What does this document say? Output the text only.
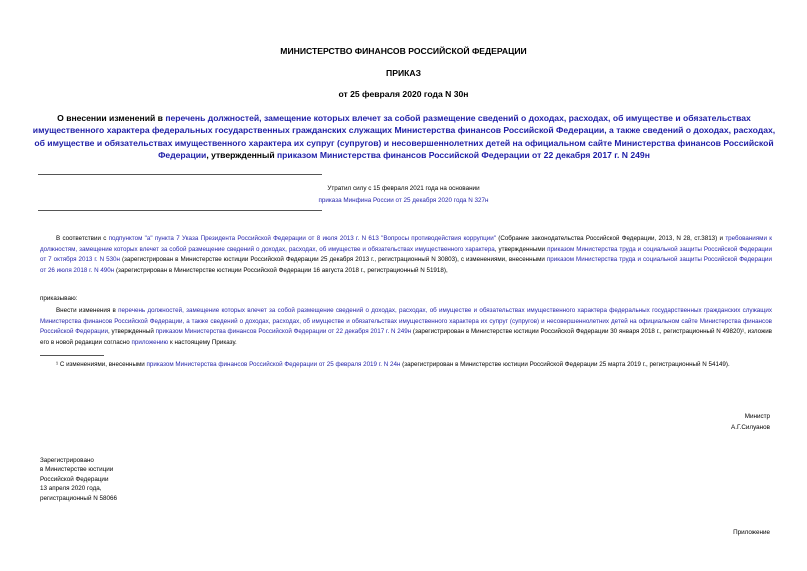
МИНИСТЕРСТВО ФИНАНСОВ РОССИЙСКОЙ ФЕДЕРАЦИИ
ПРИКАЗ
от 25 февраля 2020 года N 30н
О внесении изменений в перечень должностей, замещение которых влечет за собой размещение сведений о доходах, расходах, об имуществе и обязательствах имущественного характера федеральных государственных гражданских служащих Министерства финансов Российской Федерации, а также сведений о доходах, расходах, об имуществе и обязательствах имущественного характера их супруг (супругов) и несовершеннолетних детей на официальном сайте Министерства финансов Российской Федерации, утвержденный приказом Министерства финансов Российской Федерации от 22 декабря 2017 г. N 249н
Утратил силу с 15 февраля 2021 года на основании
приказа Минфина России от 25 декабря 2020 года N 327н

В соответствии с подпунктом "а" пункта 7 Указа Президента Российской Федерации от 8 июля 2013 г. N 613 "Вопросы противодействия коррупции" (Собрание законодательства Российской Федерации, 2013, N 28, ст.3813) и требованиями к должностям, замещение которых влечет за собой размещение сведений о доходах, расходах, об имуществе и обязательствах имущественного характера, утвержденными приказом Министерства труда и социальной защиты Российской Федерации от 7 октября 2013 г. N 530н (зарегистрирован в Министерстве юстиции Российской Федерации 25 декабря 2013 г., регистрационный N 30803), с изменениями, внесенными приказом Министерства труда и социальной защиты Российской Федерации от 26 июля 2018 г. N 490н (зарегистрирован в Министерстве юстиции Российской Федерации 16 августа 2018 г., регистрационный N 51918),

приказываю:

Внести изменения в перечень должностей, замещение которых влечет за собой размещение сведений о доходах, расходах, об имуществе и обязательствах имущественного характера федеральных государственных гражданских служащих Министерства финансов Российской Федерации, а также сведений о доходах, расходах, об имуществе и обязательствах имущественного характера их супруг (супругов) и несовершеннолетних детей на официальном сайте Министерства финансов Российской Федерации, утвержденный приказом Министерства финансов Российской Федерации от 22 декабря 2017 г. N 249н (зарегистрирован в Министерстве юстиции Российской Федерации 30 января 2018 г., регистрационный N 49820)¹, изложив его в новой редакции согласно приложению к настоящему Приказу.

¹ С изменениями, внесенными приказом Министерства финансов Российской Федерации от 25 февраля 2019 г. N 24н (зарегистрирован в Министерстве юстиции Российской Федерации 25 марта 2019 г., регистрационный N 54149).

Министр
А.Г.Силуанов
Зарегистрировано
в Министерстве юстиции
Российской Федерации
13 апреля 2020 года,
регистрационный N 58066
Приложение
